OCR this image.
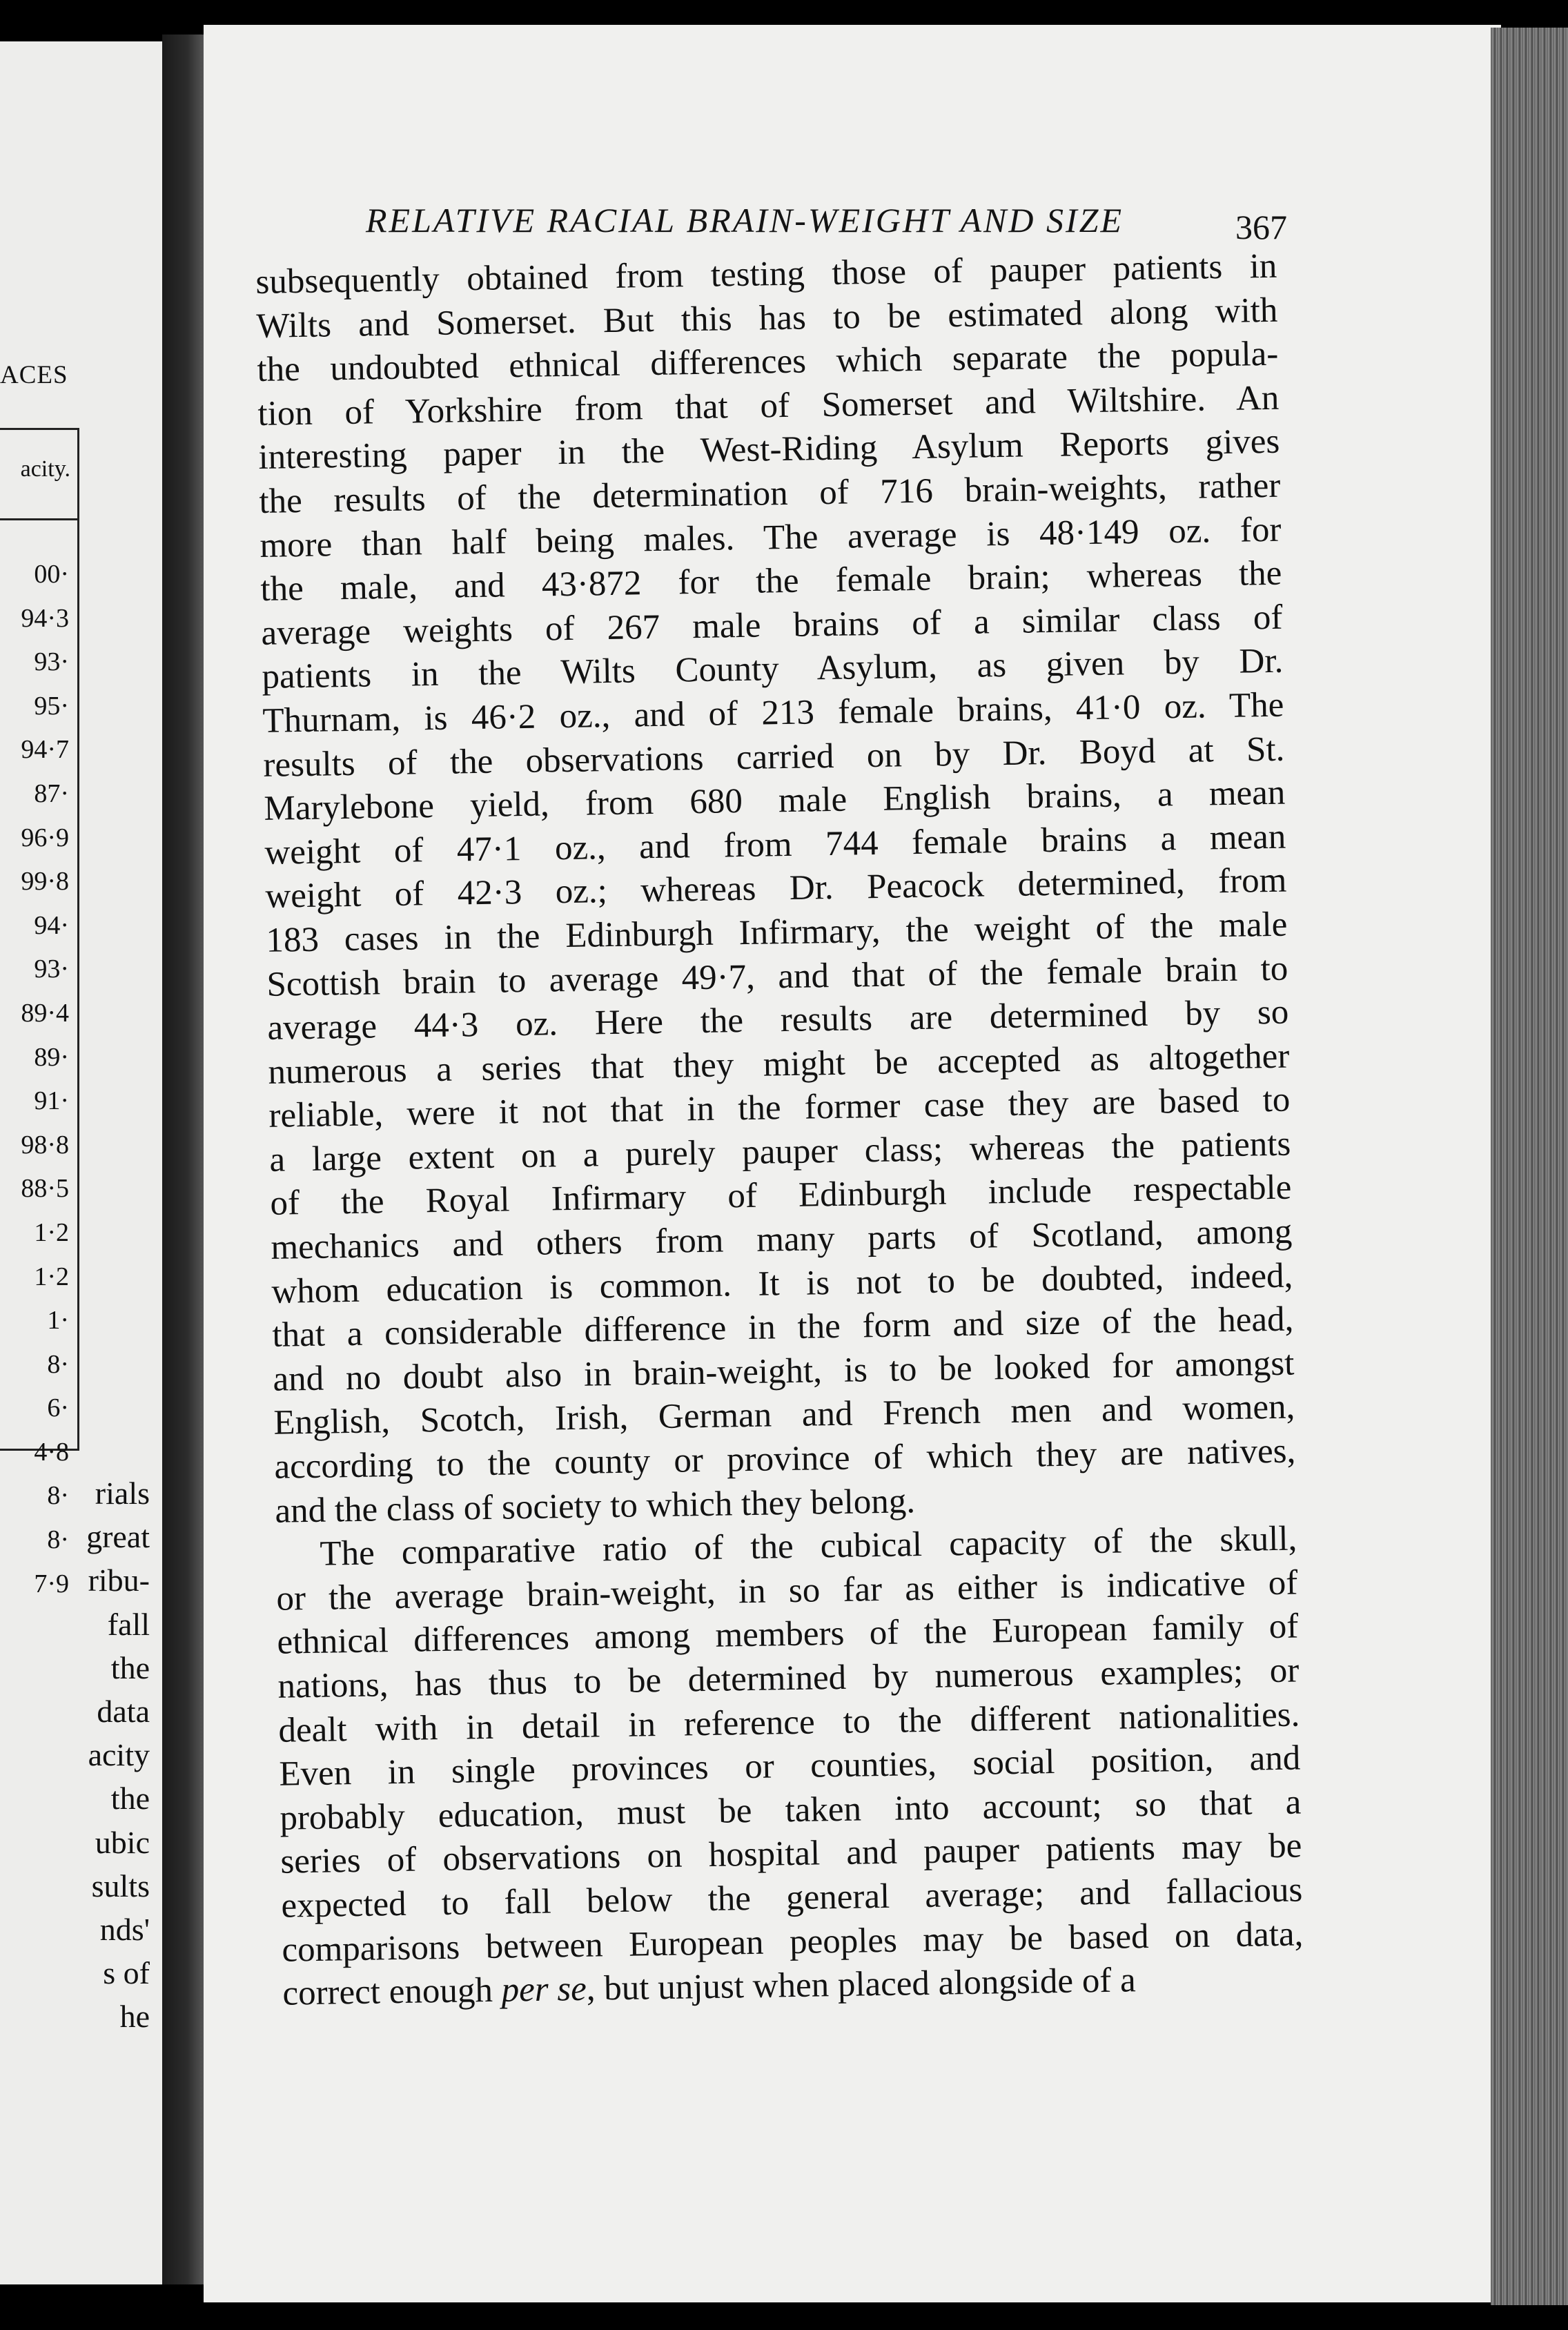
ACES
acity.
00·
94·3
93·
95·
94·7
87·
96·9
99·8
94·
93·
89·4
89·
91·
98·8
88·5
1·2
1·2
1·
8·
6·
4·8
8·
8·
7·9
rials
great
ribu-
fall
the
data
acity
the
ubic
sults
nds'
s of
he
RELATIVE RACIAL BRAIN-WEIGHT AND SIZE	367
subsequently obtained from testing those of pauper patients in
Wilts and Somerset. But this has to be estimated along with
the undoubted ethnical differences which separate the popula-
tion of Yorkshire from that of Somerset and Wiltshire. An
interesting paper in the West-Riding Asylum Reports gives
the results of the determination of 716 brain-weights, rather
more than half being males. The average is 48·149 oz. for
the male, and 43·872 for the female brain; whereas the
average weights of 267 male brains of a similar class of
patients in the Wilts County Asylum, as given by Dr.
Thurnam, is 46·2 oz., and of 213 female brains, 41·0 oz. The
results of the observations carried on by Dr. Boyd at St.
Marylebone yield, from 680 male English brains, a mean
weight of 47·1 oz., and from 744 female brains a mean
weight of 42·3 oz.; whereas Dr. Peacock determined, from
183 cases in the Edinburgh Infirmary, the weight of the male
Scottish brain to average 49·7, and that of the female brain to
average 44·3 oz. Here the results are determined by so
numerous a series that they might be accepted as altogether
reliable, were it not that in the former case they are based to
a large extent on a purely pauper class; whereas the patients
of the Royal Infirmary of Edinburgh include respectable
mechanics and others from many parts of Scotland, among
whom education is common. It is not to be doubted, indeed,
that a considerable difference in the form and size of the head,
and no doubt also in brain-weight, is to be looked for amongst
English, Scotch, Irish, German and French men and women,
according to the county or province of which they are natives,
and the class of society to which they belong.
The comparative ratio of the cubical capacity of the skull,
or the average brain-weight, in so far as either is indicative of
ethnical differences among members of the European family of
nations, has thus to be determined by numerous examples; or
dealt with in detail in reference to the different nationalities.
Even in single provinces or counties, social position, and
probably education, must be taken into account; so that a
series of observations on hospital and pauper patients may be
expected to fall below the general average; and fallacious
comparisons between European peoples may be based on data,
correct enough per se, but unjust when placed alongside of a
